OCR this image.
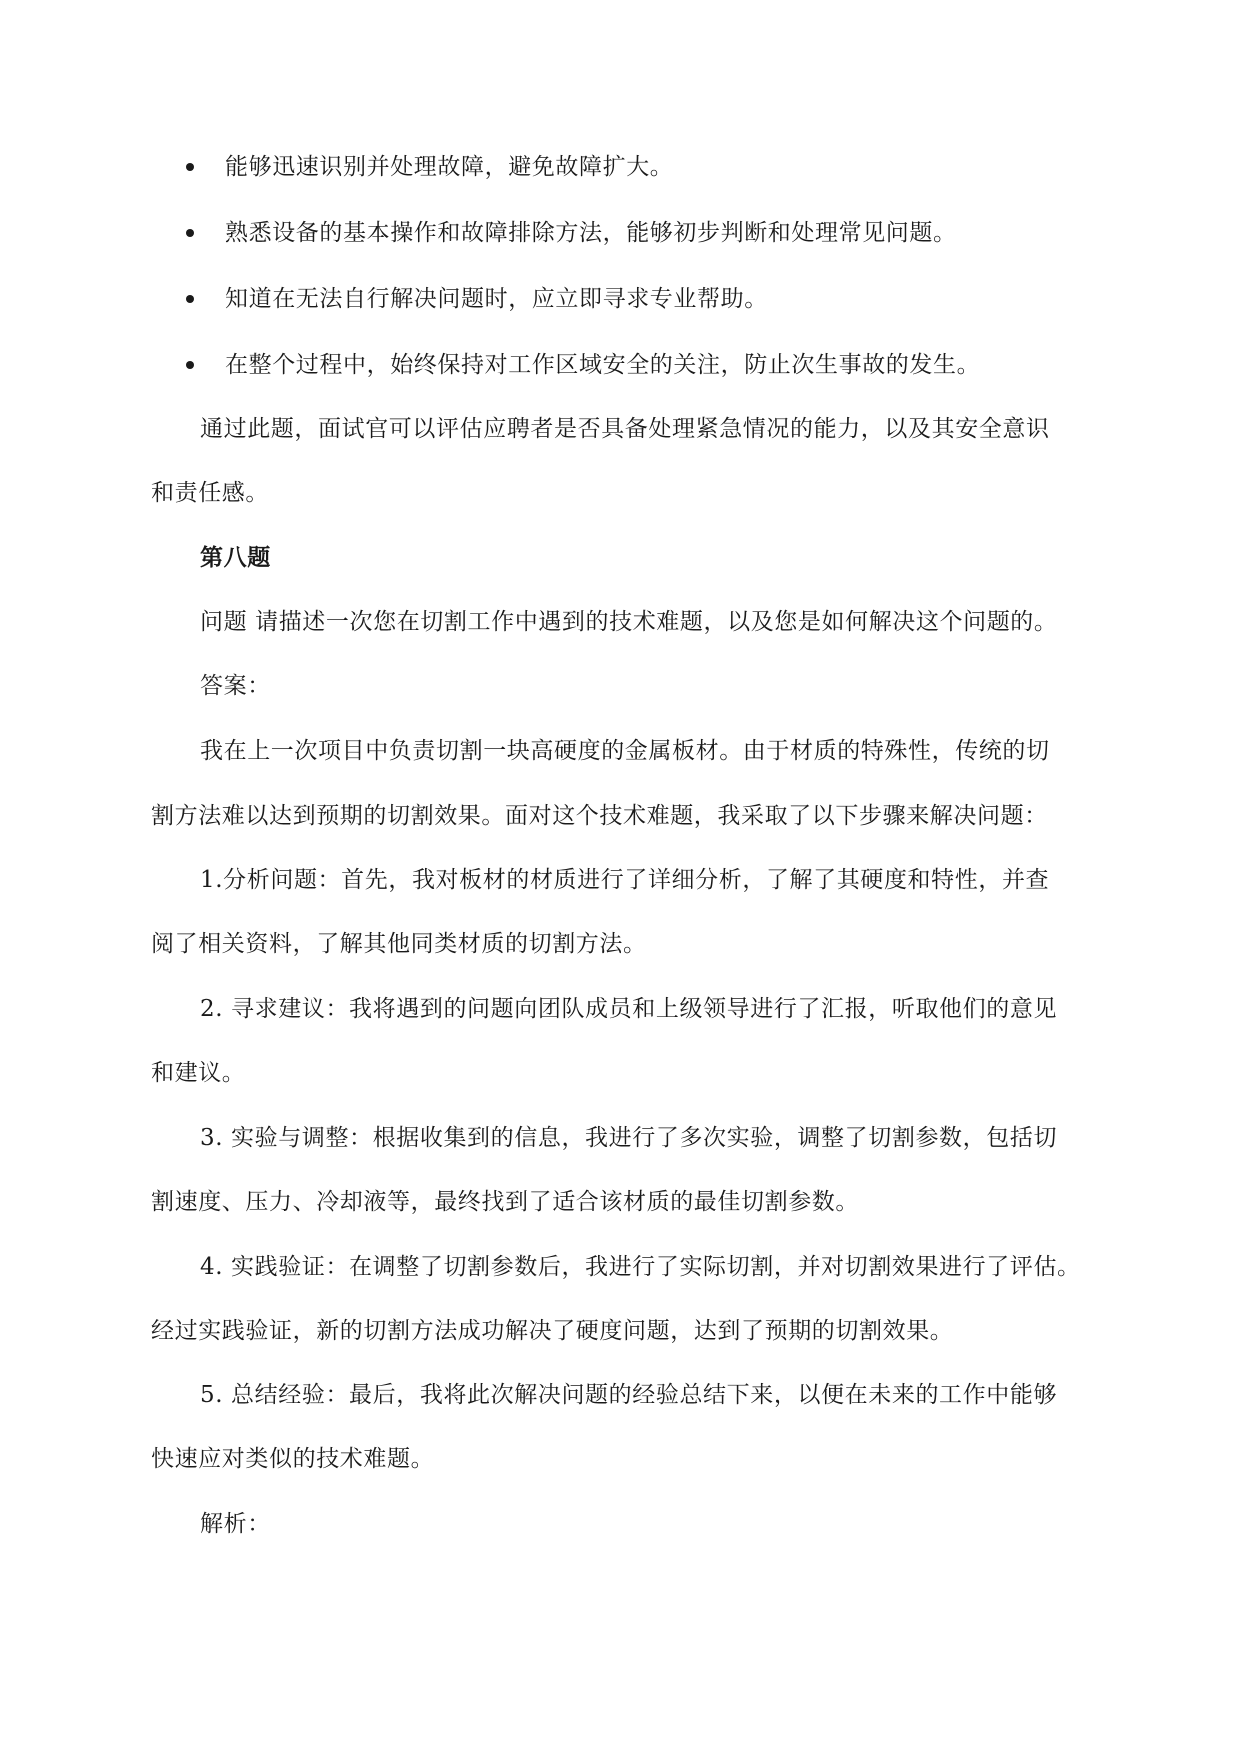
能够迅速识别并处理故障，避免故障扩大。
熟悉设备的基本操作和故障排除方法，能够初步判断和处理常见问题。
知道在无法自行解决问题时，应立即寻求专业帮助。
在整个过程中，始终保持对工作区域安全的关注，防止次生事故的发生。
通过此题，面试官可以评估应聘者是否具备处理紧急情况的能力，以及其安全意识
和责任感。
第八题
问题 请描述一次您在切割工作中遇到的技术难题，以及您是如何解决这个问题的。
答案：
我在上一次项目中负责切割一块高硬度的金属板材。由于材质的特殊性，传统的切
割方法难以达到预期的切割效果。面对这个技术难题，我采取了以下步骤来解决问题：
1.分析问题：首先，我对板材的材质进行了详细分析，了解了其硬度和特性，并查
阅了相关资料，了解其他同类材质的切割方法。
2. 寻求建议：我将遇到的问题向团队成员和上级领导进行了汇报，听取他们的意见
和建议。
3. 实验与调整：根据收集到的信息，我进行了多次实验，调整了切割参数，包括切
割速度、压力、冷却液等，最终找到了适合该材质的最佳切割参数。
4. 实践验证：在调整了切割参数后，我进行了实际切割，并对切割效果进行了评估。
经过实践验证，新的切割方法成功解决了硬度问题，达到了预期的切割效果。
5. 总结经验：最后，我将此次解决问题的经验总结下来，以便在未来的工作中能够
快速应对类似的技术难题。
解析：
